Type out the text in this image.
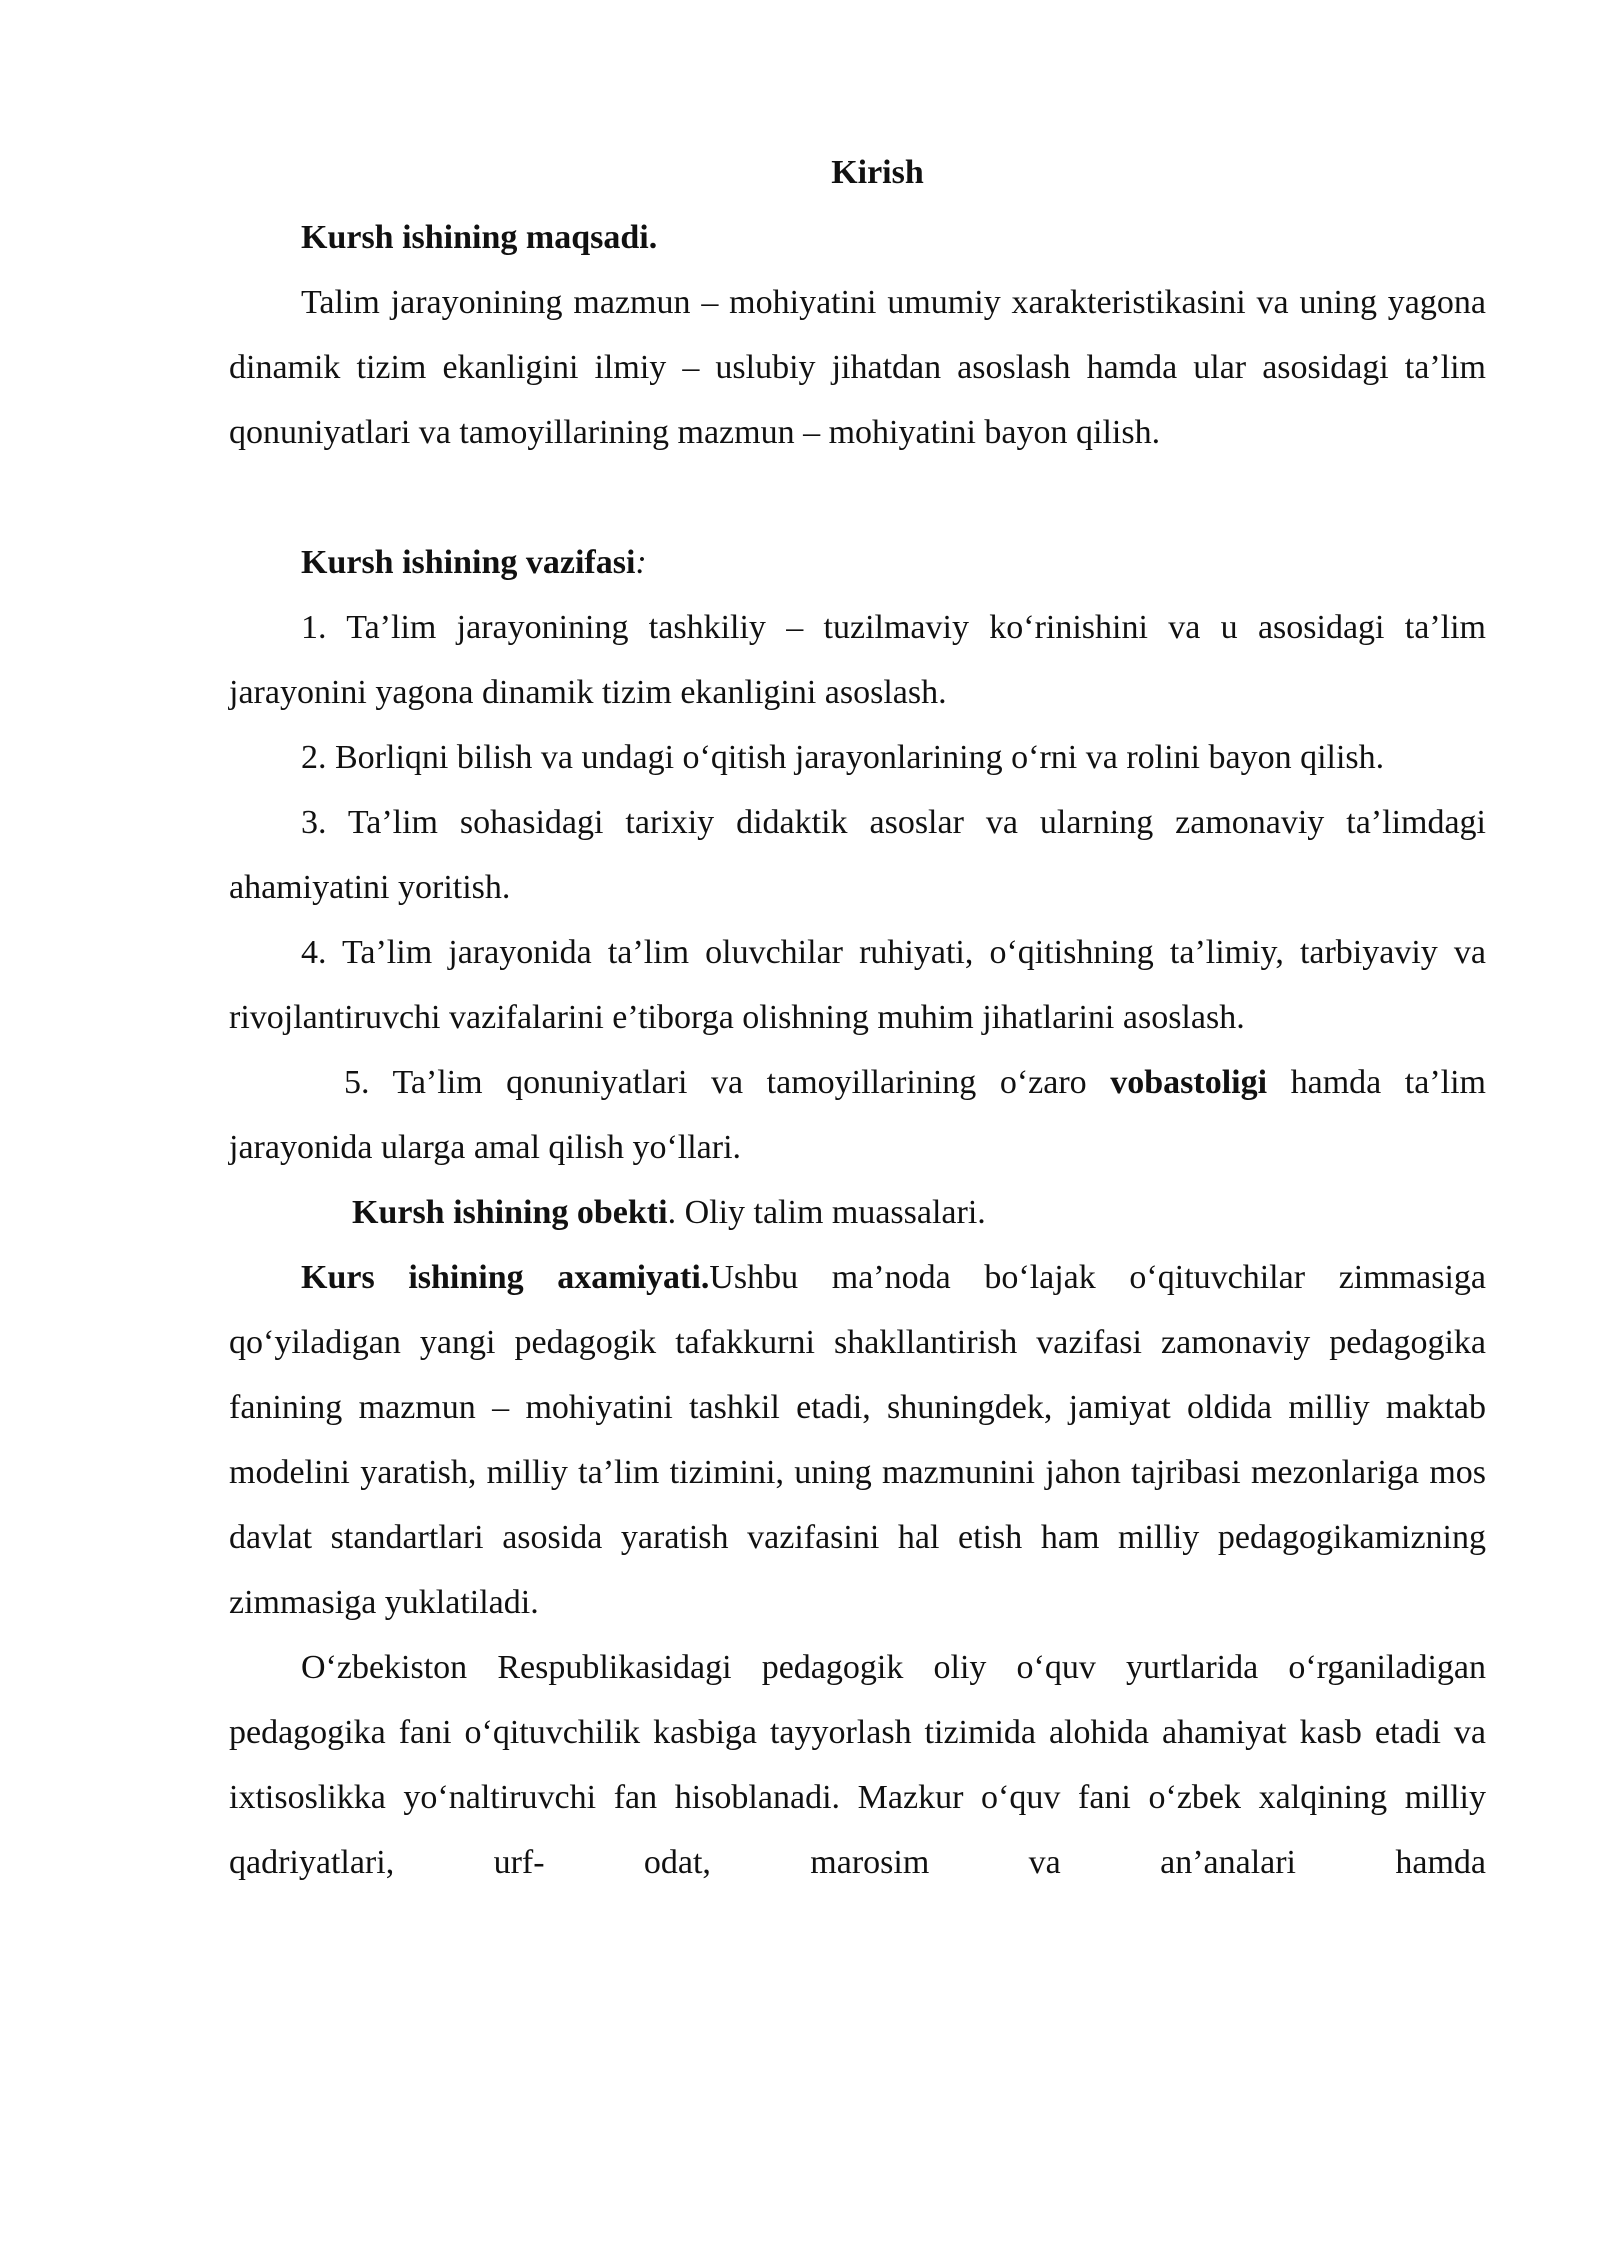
Kirish

Kursh ishining maqsadi.

Talim jarayonining mazmun – mohiyatini umumiy xarakteristikasini va uning yagona dinamik tizim ekanligini ilmiy – uslubiy jihatdan asoslash hamda ular asosidagi ta’lim qonuniyatlari va tamoyillarining mazmun – mohiyatini bayon qilish.

Kursh ishining vazifasi:

1. Ta’lim jarayonining tashkiliy – tuzilmaviy ko‘rinishini va u asosidagi ta’lim jarayonini yagona dinamik tizim ekanligini asoslash.

2. Borliqni bilish va undagi o‘qitish jarayonlarining o‘rni va rolini bayon qilish.

3. Ta’lim sohasidagi tarixiy didaktik asoslar va ularning zamonaviy ta’limdagi ahamiyatini yoritish.

4. Ta’lim jarayonida ta’lim oluvchilar ruhiyati, o‘qitishning ta’limiy, tarbiyaviy va rivojlantiruvchi vazifalarini e’tiborga olishning muhim jihatlarini asoslash.

5. Ta’lim qonuniyatlari va tamoyillarining o‘zaro vobastoligi hamda ta’lim jarayonida ularga amal qilish yo‘llari.

Kursh ishining obekti. Oliy talim muassalari.

Kurs ishining axamiyati.Ushbu ma’noda bo‘lajak o‘qituvchilar zimmasiga qo‘yiladigan yangi pedagogik tafakkurni shakllantirish vazifasi zamonaviy pedagogika fanining mazmun – mohiyatini tashkil etadi, shuningdek, jamiyat oldida milliy maktab modelini yaratish, milliy ta’lim tizimini, uning mazmunini jahon tajribasi mezonlariga mos davlat standartlari asosida yaratish vazifasini hal etish ham milliy pedagogikamizning zimmasiga yuklatiladi.

O‘zbekiston Respublikasidagi pedagogik oliy o‘quv yurtlarida o‘rganiladigan pedagogika fani o‘qituvchilik kasbiga tayyorlash tizimida alohida ahamiyat kasb etadi va ixtisoslikka yo‘naltiruvchi fan hisoblanadi. Mazkur o‘quv fani o‘zbek xalqining milliy qadriyatlari, urf- odat, marosim va an’analari hamda
